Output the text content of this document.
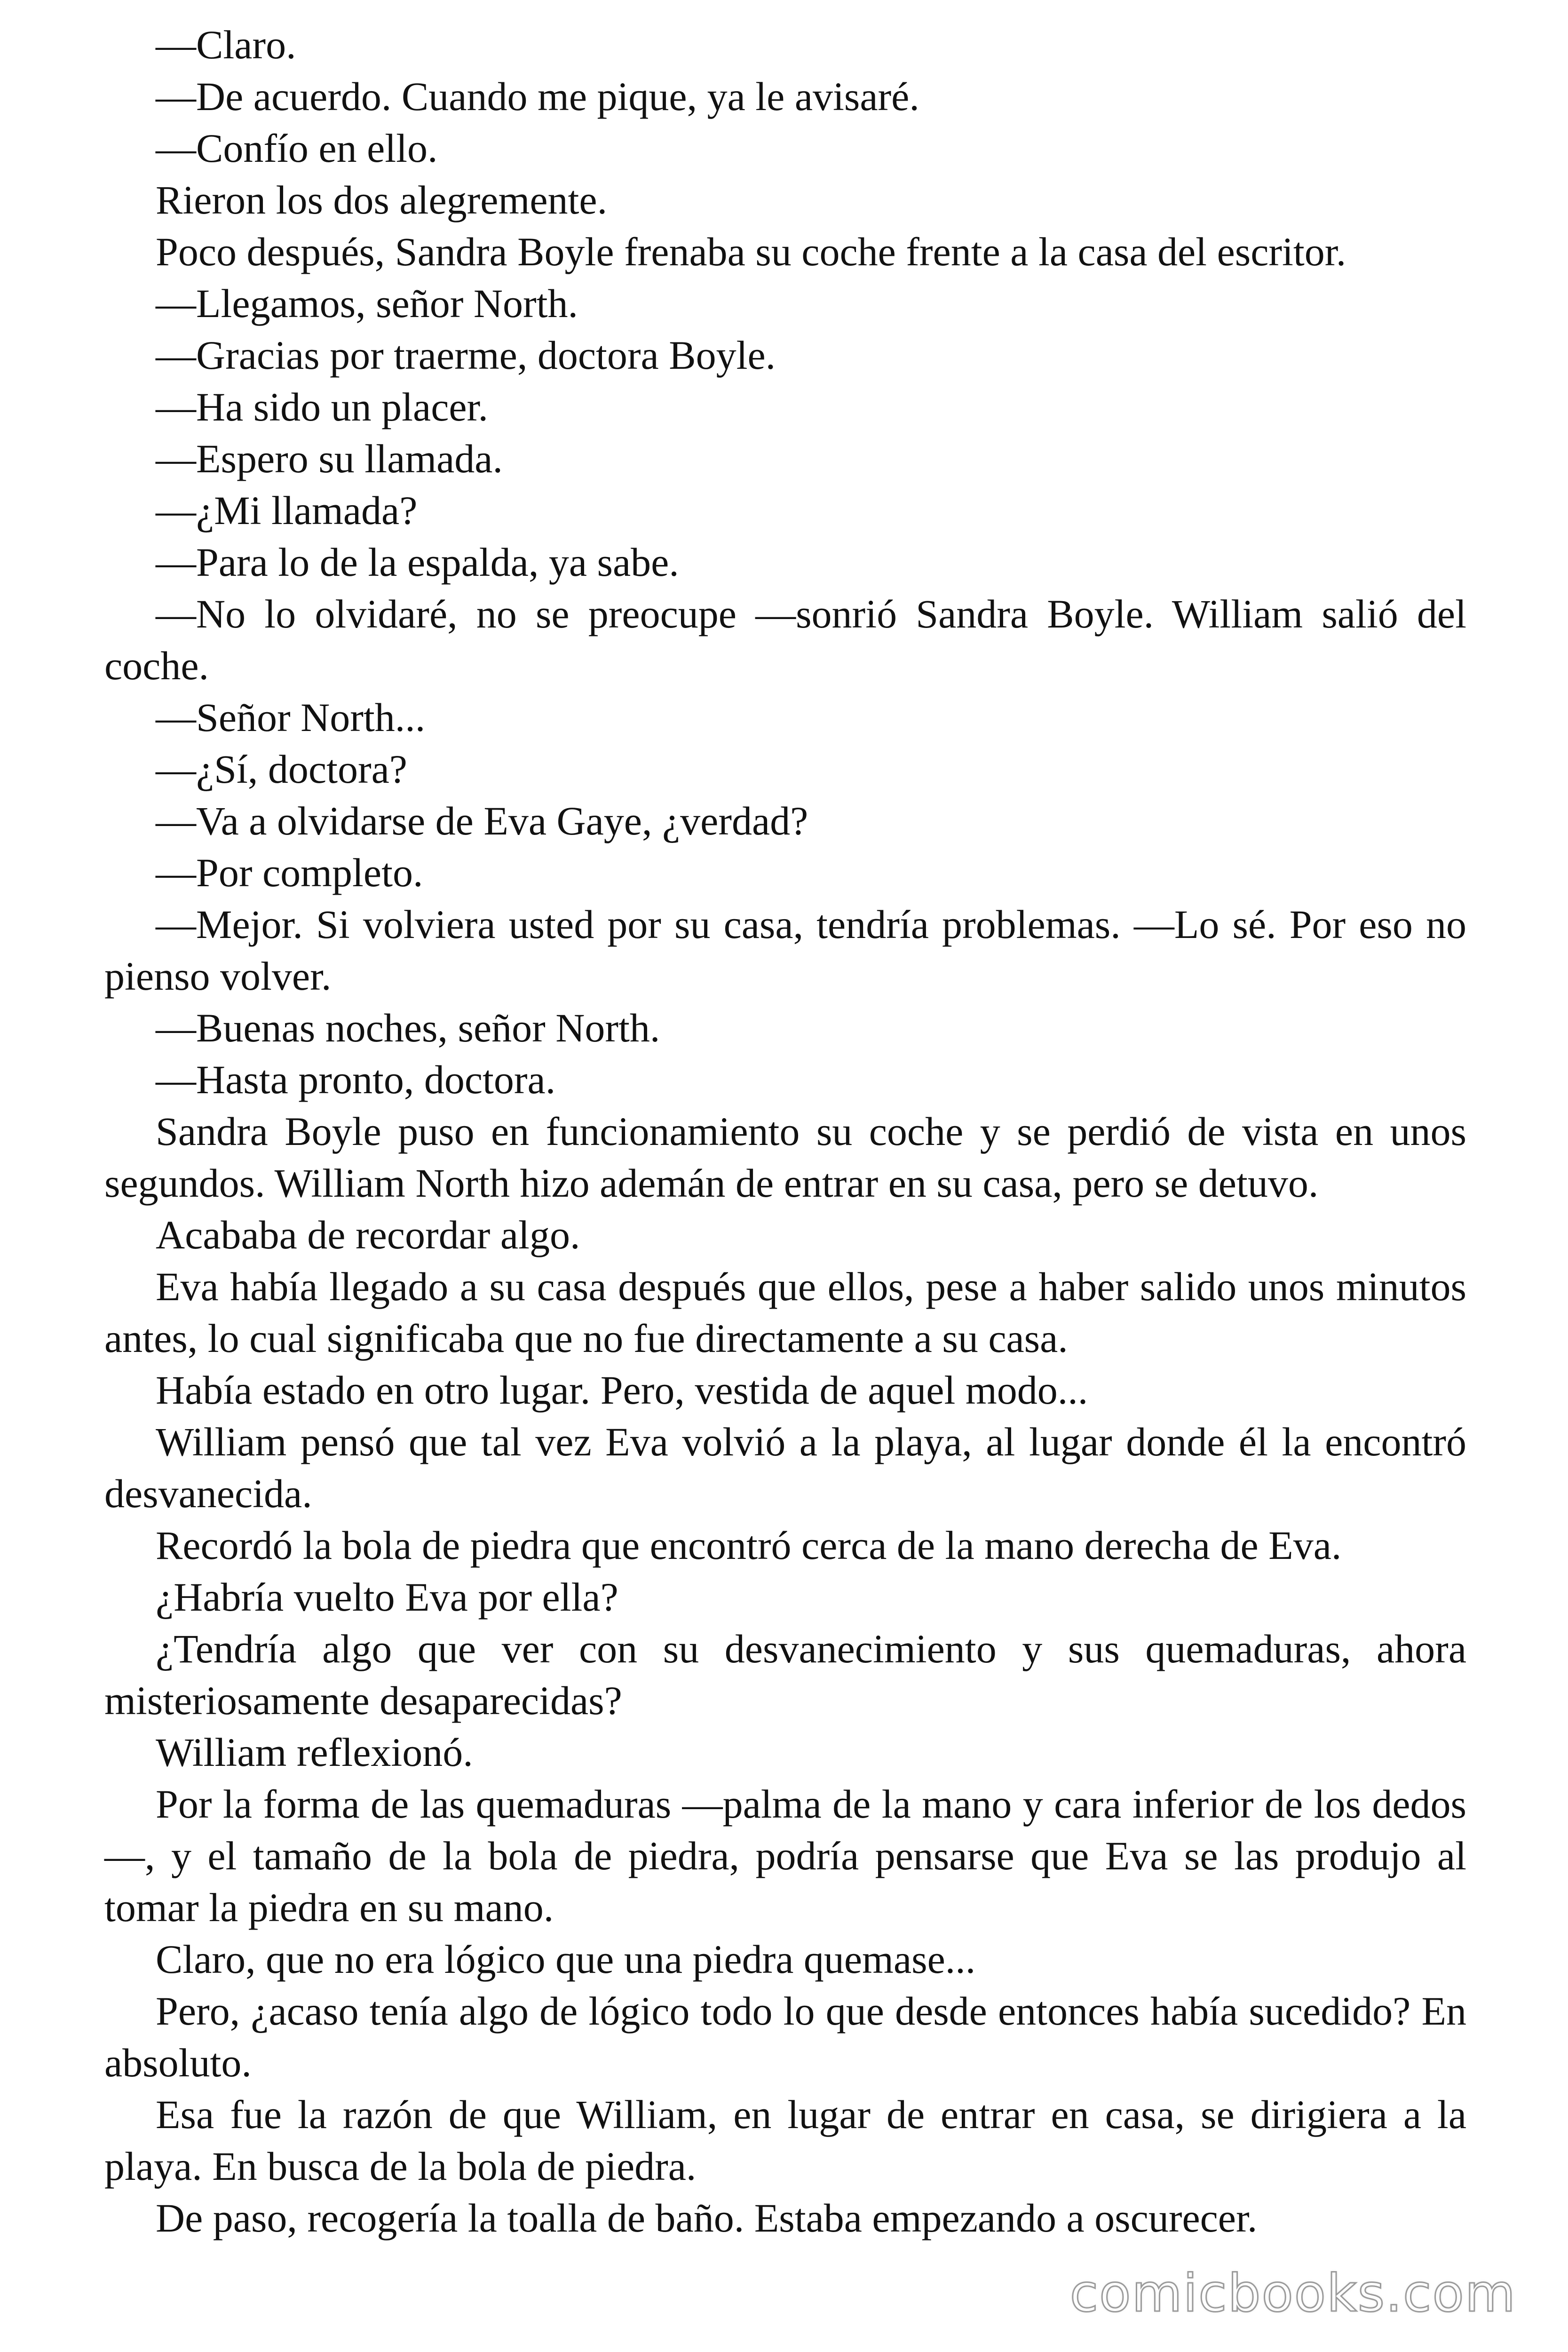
—Claro.

—De acuerdo. Cuando me pique, ya le avisaré.

—Confío en ello.

Rieron los dos alegremente.

Poco después, Sandra Boyle frenaba su coche frente a la casa del escritor.

—Llegamos, señor North.

—Gracias por traerme, doctora Boyle.

—Ha sido un placer.

—Espero su llamada.

—¿Mi llamada?

—Para lo de la espalda, ya sabe.

—No lo olvidaré, no se preocupe —sonrió Sandra Boyle. William salió del coche.

—Señor North...

—¿Sí, doctora?

—Va a olvidarse de Eva Gaye, ¿verdad?

—Por completo.

—Mejor. Si volviera usted por su casa, tendría problemas. —Lo sé. Por eso no pienso volver.

—Buenas noches, señor North.

—Hasta pronto, doctora.

Sandra Boyle puso en funcionamiento su coche y se perdió de vista en unos segundos. William North hizo ademán de entrar en su casa, pero se detuvo.

Acababa de recordar algo.

Eva había llegado a su casa después que ellos, pese a haber salido unos minutos antes, lo cual significaba que no fue directamente a su casa.

Había estado en otro lugar. Pero, vestida de aquel modo...

William pensó que tal vez Eva volvió a la playa, al lugar donde él la encontró desvanecida.

Recordó la bola de piedra que encontró cerca de la mano derecha de Eva.

¿Habría vuelto Eva por ella?

¿Tendría algo que ver con su desvanecimiento y sus quemaduras, ahora misteriosamente desaparecidas?

William reflexionó.

Por la forma de las quemaduras —palma de la mano y cara inferior de los dedos—, y el tamaño de la bola de piedra, podría pensarse que Eva se las produjo al tomar la piedra en su mano.

Claro, que no era lógico que una piedra quemase...

Pero, ¿acaso tenía algo de lógico todo lo que desde entonces había sucedido? En absoluto.

Esa fue la razón de que William, en lugar de entrar en casa, se dirigiera a la playa. En busca de la bola de piedra.

De paso, recogería la toalla de baño. Estaba empezando a oscurecer.

comicbooks.com
